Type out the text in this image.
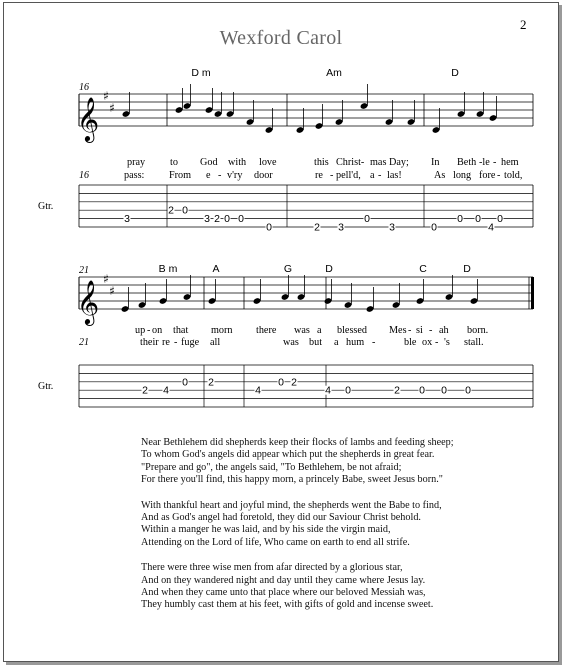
2
Wexford Carol
𝄞
♯
♯
16
D m	Am	D
pray to God with love	this Christ- mas Day; In Beth -le - hem
pass: From e - v'ry door	re - pell'd, a - las!	As long fore - told,
16
Gtr.	2 0
3	3 2 0 0	0	0 0 0
0	2 3	3	0	4
𝄞
♯
♯
21	B m	A	G	D	C	D
up - on that morn there was a blessed Mes - si - ah born.
their re - fuge all	was but a hum -	ble ox - 's stall.
21
Gtr.	0 2	0 2
2 4	4	4 0	2 0 0 0
Near Bethlehem did shepherds keep their flocks of lambs and feeding sheep;
To whom God's angels did appear which put the shepherds in great fear.
"Prepare and go", the angels said, "To Bethlehem, be not afraid;
For there you'll find, this happy morn, a princely Babe, sweet Jesus born."
With thankful heart and joyful mind, the shepherds went the Babe to find,
And as God's angel had foretold, they did our Saviour Christ behold.
Within a manger he was laid, and by his side the virgin maid,
Attending on the Lord of life, Who came on earth to end all strife.
There were three wise men from afar directed by a glorious star,
And on they wandered night and day until they came where Jesus lay.
And when they came unto that place where our beloved Messiah was,
They humbly cast them at his feet, with gifts of gold and incense sweet.
